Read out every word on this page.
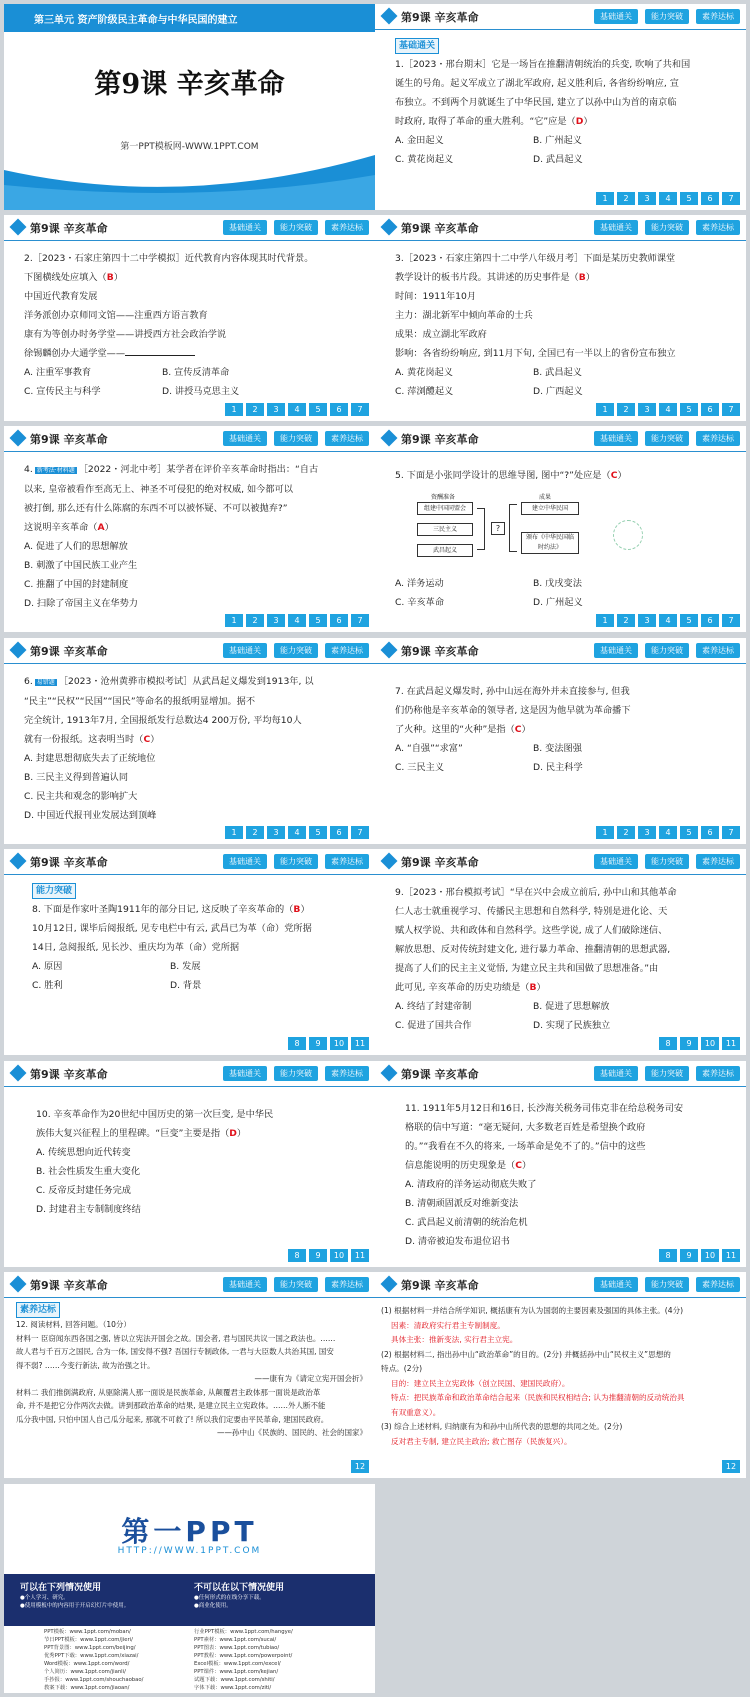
第三单元 资产阶级民主革命与中华民国的建立
第9课 辛亥革命
第一PPT模板网-WWW.1PPT.COM
第9课 辛亥革命	基础通关	能力突破	素养达标

基础通关

1.［2023・邢台期末］它是一场旨在推翻清朝统治的兵变, 吹响了共和国

诞生的号角。起义军成立了湖北军政府, 起义胜利后, 各省纷纷响应, 宣

布独立。不到两个月就诞生了中华民国, 建立了以孙中山为首的南京临

时政府, 取得了革命的重大胜利。“它”应是（D）

A. 金田起义	B. 广州起义

C. 黄花岗起义	D. 武昌起义

1	2	3	4	5	6	7
第9课 辛亥革命	基础通关	能力突破	素养达标

2.［2023・石家庄第四十二中学模拟］近代教育内容体现其时代背景。

下图横线处应填入（B）

中国近代教育发展

洋务派创办京师同文馆——注重西方语言教育

康有为等创办时务学堂——讲授西方社会政治学说

徐锡麟创办大通学堂——

A. 注重军事教育	B. 宣传反清革命

C. 宣传民主与科学	D. 讲授马克思主义

1	2	3	4	5	6	7
第9课 辛亥革命	基础通关	能力突破	素养达标

3.［2023・石家庄第四十二中学八年级月考］下面是某历史教师课堂

教学设计的板书片段。其讲述的历史事件是（B）

时间：1911年10月

主力：湖北新军中倾向革命的士兵

成果：成立湖北军政府

影响：各省纷纷响应, 到11月下旬, 全国已有一半以上的省份宣布独立

A. 黄花岗起义	B. 武昌起义

C. 萍浏醴起义	D. 广西起义

1	2	3	4	5	6	7
第9课 辛亥革命	基础通关	能力突破	素养达标

4. 新考法·材料题 ［2022・河北中考］某学者在评价辛亥革命时指出：“自古

以来, 皇帝被看作至高无上、神圣不可侵犯的绝对权威, 如今都可以

被打倒, 那么还有什么陈腐的东西不可以被怀疑、不可以被抛弃?”

这说明辛亥革命（A）

A. 促进了人们的思想解放

B. 刺激了中国民族工业产生

C. 推翻了中国的封建制度

D. 扫除了帝国主义在华势力

1	2	3	4	5	6	7
第9课 辛亥革命	基础通关	能力突破	素养达标

5. 下面是小张同学设计的思维导图, 图中“?”处应是（C）

资酬准备
组建中国同盟会
三民主义
武昌起义
?
成果
建立中华民国
颁布《中华民国临时约法》

A. 洋务运动	B. 戊戌变法

C. 辛亥革命	D. 广州起义

1	2	3	4	5	6	7
第9课 辛亥革命	基础通关	能力突破	素养达标

6. 易错题 ［2023・沧州黄骅市模拟考试］从武昌起义爆发到1913年, 以

“民主”“民权”“民国”“国民”等命名的报纸明显增加。据不

完全统计, 1913年7月, 全国报纸发行总数达4 200万份, 平均每10人

就有一份报纸。这表明当时（C）

A. 封建思想彻底失去了正统地位

B. 三民主义得到普遍认同

C. 民主共和观念的影响扩大

D. 中国近代报刊业发展达到顶峰

1	2	3	4	5	6	7
第9课 辛亥革命	基础通关	能力突破	素养达标

7. 在武昌起义爆发时, 孙中山远在海外并未直接参与, 但我

们仍称他是辛亥革命的领导者, 这是因为他早就为革命播下

了火种。这里的“火种”是指（C）

A. “自强”“求富”	B. 变法图强

C. 三民主义	D. 民主科学

1	2	3	4	5	6	7
第9课 辛亥革命	基础通关	能力突破	素养达标

能力突破

8. 下面是作家叶圣陶1911年的部分日记, 这反映了辛亥革命的（B）

10月12日, 课毕后阅报纸, 见专电栏中有云, 武昌已为革（命）党所据

14日, 急阅报纸, 见长沙、重庆均为革（命）党所据

A. 原因	B. 发展

C. 胜利	D. 背景

8	9	10	11
第9课 辛亥革命	基础通关	能力突破	素养达标

9.［2023・邢台模拟考试］“早在兴中会成立前后, 孙中山和其他革命

仁人志士就重视学习、传播民主思想和自然科学, 特别是进化论、天

赋人权学说、共和政体和自然科学。这些学说, 成了人们破除迷信、

解放思想、反对传统封建文化, 进行暴力革命、推翻清朝的思想武器,

提高了人们的民主主义觉悟, 为建立民主共和国做了思想准备。”由

此可见, 辛亥革命的历史功绩是（B）

A. 终结了封建帝制	B. 促进了思想解放

C. 促进了国共合作	D. 实现了民族独立

8	9	10	11
第9课 辛亥革命	基础通关	能力突破	素养达标

10. 辛亥革命作为20世纪中国历史的第一次巨变, 是中华民

族伟大复兴征程上的里程碑。“巨变”主要是指（D）

A. 传统思想向近代转变

B. 社会性质发生重大变化

C. 反帝反封建任务完成

D. 封建君主专制制度终结

8	9	10	11
第9课 辛亥革命	基础通关	能力突破	素养达标

11. 1911年5月12日和16日, 长沙海关税务司伟克非在给总税务司安

格联的信中写道：“毫无疑问, 大多数老百姓是希望换个政府

的。”“我看在不久的将来, 一场革命是免不了的。”信中的这些

信息能说明的历史现象是（C）

A. 清政府的洋务运动彻底失败了

B. 清朝顽固派反对维新变法

C. 武昌起义前清朝的统治危机

D. 清帝被迫发布退位诏书

8	9	10	11
第9课 辛亥革命	基础通关	能力突破	素养达标

素养达标

12. 阅读材料, 回答问题。（10分）

材料一 臣窃闻东西各国之强, 皆以立宪法开国会之故。国会者, 君与国民共议一国之政法也。……

故人君与千百万之国民, 合为一体, 国安得不强? 吾国行专制政体, 一君与大臣数人共治其国, 国安

得不弱? ……今变行新法, 故为治强之计。

——康有为《请定立宪开国会折》

材料二 我们推倒满政府, 从驱除满人那一面说是民族革命, 从颠覆君主政体那一面说是政治革

命, 并不是把它分作两次去做。讲到那政治革命的结果, 是建立民主立宪政体。……外人断不能

瓜分我中国, 只怕中国人自己瓜分起来, 那就不可救了! 所以我们定要由平民革命, 建国民政府。

——孙中山《民族的、国民的、社会的国家》

12
第9课 辛亥革命	基础通关	能力突破	素养达标

(1) 根据材料一并结合所学知识, 概括康有为认为国弱的主要因素及强国的具体主张。(4分)

因素：清政府实行君主专制制度。

具体主张：推新变法, 实行君主立宪。

(2) 根据材料二, 指出孙中山“政治革命”的目的。(2分) 并概括孙中山“民权主义”思想的

特点。(2分)

目的：建立民主立宪政体（创立民国、建国民政府）。

特点：把民族革命和政治革命结合起来（民族和民权相结合; 认为推翻清朝的反动统治具

有双重意义）。

(3) 综合上述材料, 归纳康有为和孙中山所代表的思想的共同之处。(2分)

反对君主专制, 建立民主政治; 救亡图存（民族复兴）。

12
第一PPT
HTTP://WWW.1PPT.COM
可以在下列情况使用
●个人学习、研究。
●使用模板中的内容用于开启幻灯片中使用。
不可以在以下情况使用
●任何形式的在线分享下载。
●商业化使用。
PPT模板：www.1ppt.com/moban/
节日PPT模板：www.1ppt.com/jieri/
PPT背景图：www.1ppt.com/beijing/
优秀PPT下载：www.1ppt.com/xiazai/
Word模板：www.1ppt.com/word/
个人简历：www.1ppt.com/jianli/
手抄报：www.1ppt.com/shouchaobao/
教案下载：www.1ppt.com/jiaoan/
行业PPT模板：www.1ppt.com/hangye/
PPT素材：www.1ppt.com/sucai/
PPT图表：www.1ppt.com/tubiao/
PPT教程：www.1ppt.com/powerpoint/
Excel模板：www.1ppt.com/excel/
PPT课件：www.1ppt.com/kejian/
试题下载：www.1ppt.com/shiti/
字体下载：www.1ppt.com/ziti/
